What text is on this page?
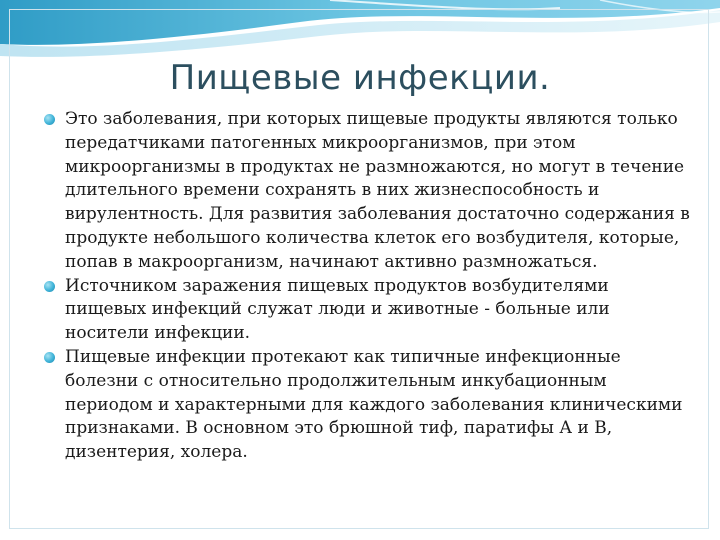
Пищевые инфекции.
Это заболевания, при которых пищевые продукты являются только передатчиками патогенных микроорганизмов, при этом микроорганизмы в продуктах не размножаются, но могут в течение длительного времени сохранять в них жизнеспособность и вирулентность. Для развития заболевания достаточно содержания в продукте небольшого количества клеток его возбудителя, которые, попав в макроорганизм, начинают активно размножаться.
Источником заражения пищевых продуктов возбудителями пищевых инфекций служат люди и животные - больные или носители инфекции.
Пищевые инфекции протекают как типичные инфекционные болезни с относительно продолжительным инкубационным периодом и характерными для каждого заболевания клиническими признаками. В основном это брюшной тиф, паратифы А и В, дизентерия, холера.
